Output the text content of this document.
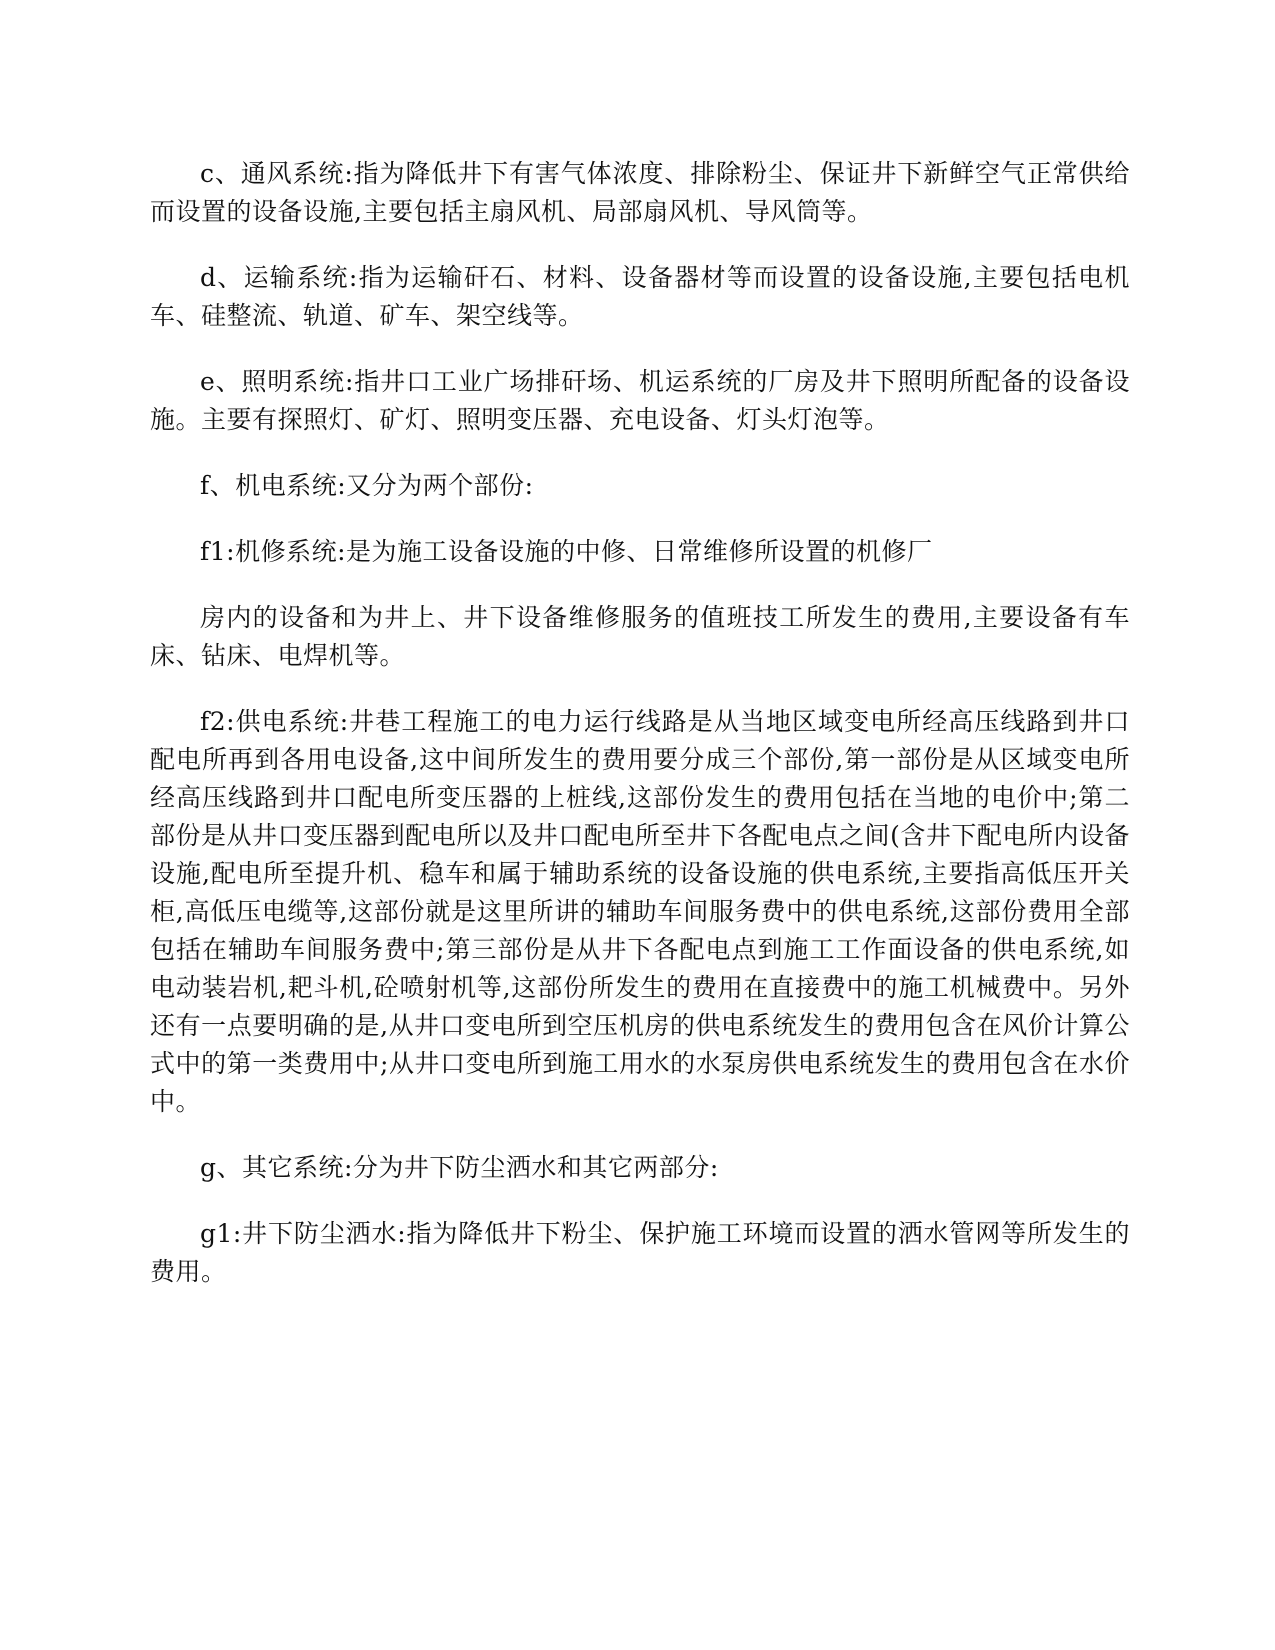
c、通风系统:指为降低井下有害气体浓度、排除粉尘、保证井下新鲜空气正常供给而设置的设备设施,主要包括主扇风机、局部扇风机、导风筒等。

d、运输系统:指为运输矸石、材料、设备器材等而设置的设备设施,主要包括电机车、硅整流、轨道、矿车、架空线等。

e、照明系统:指井口工业广场排矸场、机运系统的厂房及井下照明所配备的设备设施。主要有探照灯、矿灯、照明变压器、充电设备、灯头灯泡等。

f、机电系统:又分为两个部份:

f1:机修系统:是为施工设备设施的中修、日常维修所设置的机修厂

房内的设备和为井上、井下设备维修服务的值班技工所发生的费用,主要设备有车床、钻床、电焊机等。

f2:供电系统:井巷工程施工的电力运行线路是从当地区域变电所经高压线路到井口配电所再到各用电设备,这中间所发生的费用要分成三个部份,第一部份是从区域变电所经高压线路到井口配电所变压器的上桩线,这部份发生的费用包括在当地的电价中;第二部份是从井口变压器到配电所以及井口配电所至井下各配电点之间(含井下配电所内设备设施,配电所至提升机、稳车和属于辅助系统的设备设施的供电系统,主要指高低压开关柜,高低压电缆等,这部份就是这里所讲的辅助车间服务费中的供电系统,这部份费用全部包括在辅助车间服务费中;第三部份是从井下各配电点到施工工作面设备的供电系统,如电动装岩机,耙斗机,砼喷射机等,这部份所发生的费用在直接费中的施工机械费中。另外还有一点要明确的是,从井口变电所到空压机房的供电系统发生的费用包含在风价计算公式中的第一类费用中;从井口变电所到施工用水的水泵房供电系统发生的费用包含在水价中。

g、其它系统:分为井下防尘洒水和其它两部分:

g1:井下防尘洒水:指为降低井下粉尘、保护施工环境而设置的洒水管网等所发生的费用。
